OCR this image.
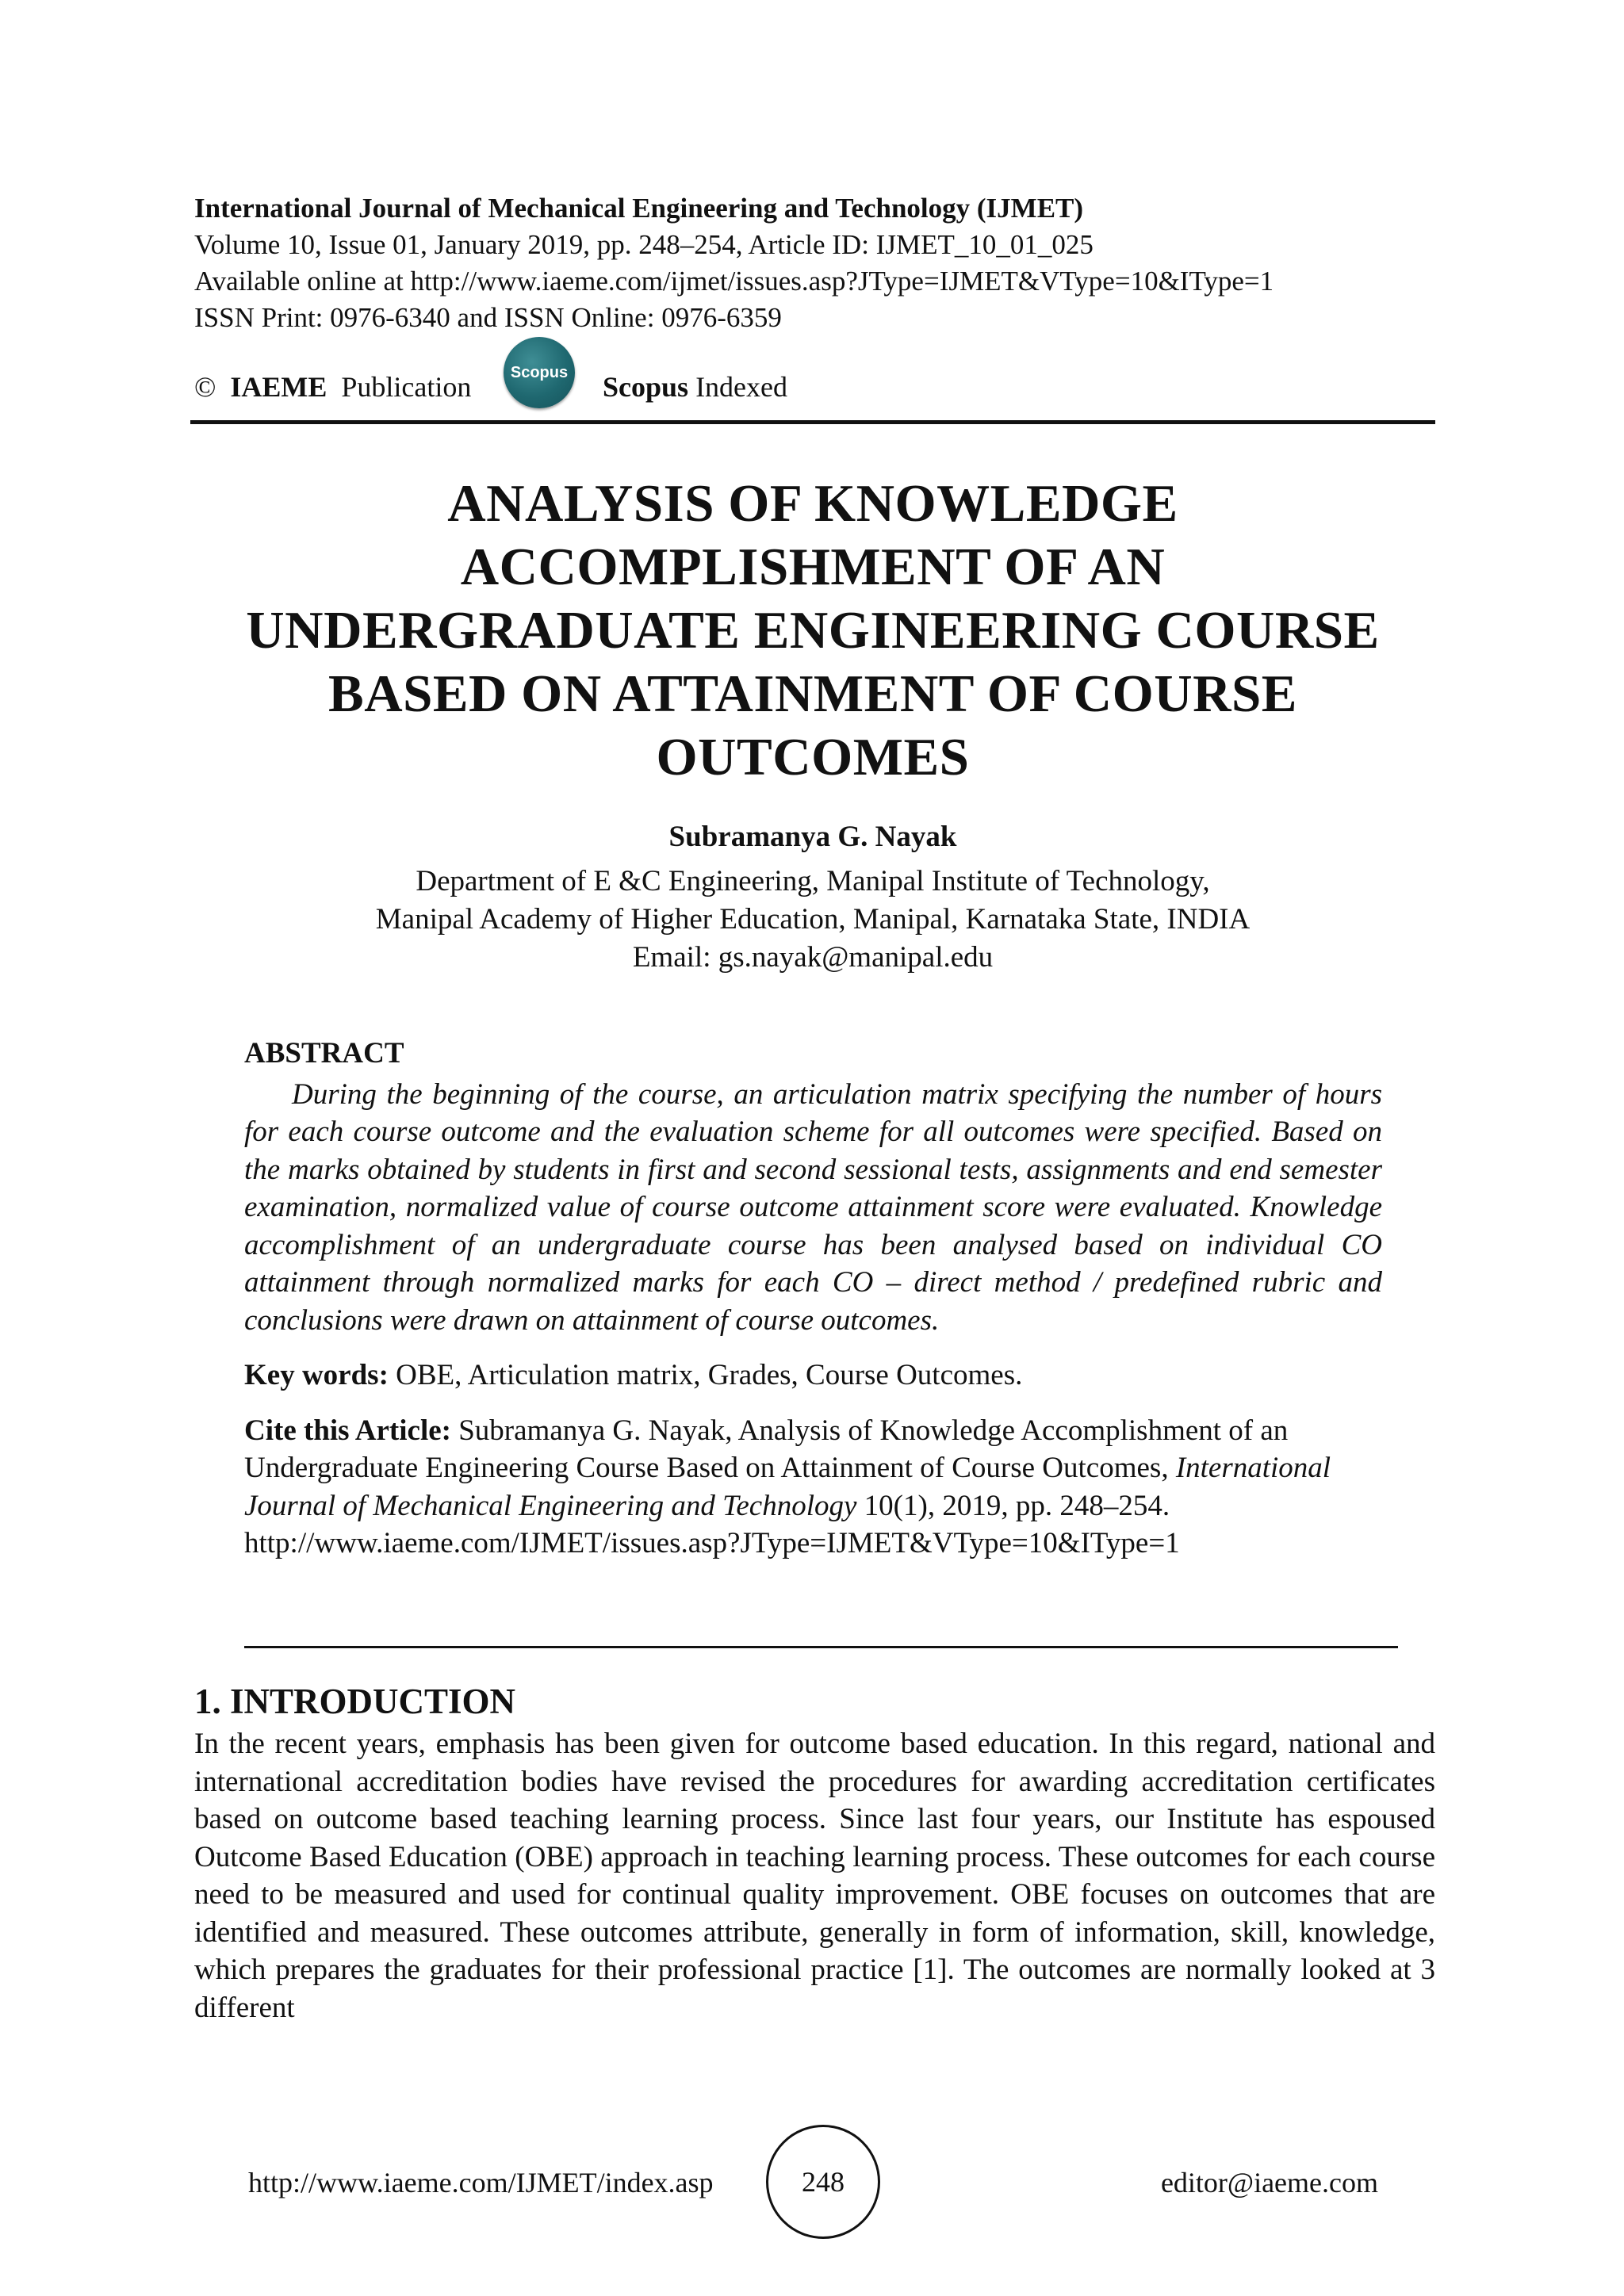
International Journal of Mechanical Engineering and Technology (IJMET)
Volume 10, Issue 01, January 2019, pp. 248–254, Article ID: IJMET_10_01_025
Available online at http://www.iaeme.com/ijmet/issues.asp?JType=IJMET&VType=10&IType=1
ISSN Print: 0976-6340 and ISSN Online: 0976-6359
© IAEME Publication Scopus Scopus Indexed
ANALYSIS OF KNOWLEDGE
ACCOMPLISHMENT OF AN
UNDERGRADUATE ENGINEERING COURSE
BASED ON ATTAINMENT OF COURSE
OUTCOMES
Subramanya G. Nayak
Department of E &C Engineering, Manipal Institute of Technology,
Manipal Academy of Higher Education, Manipal, Karnataka State, INDIA
Email: gs.nayak@manipal.edu
ABSTRACT

During the beginning of the course, an articulation matrix specifying the number of hours for each course outcome and the evaluation scheme for all outcomes were specified. Based on the marks obtained by students in first and second sessional tests, assignments and end semester examination, normalized value of course outcome attainment score were evaluated. Knowledge accomplishment of an undergraduate course has been analysed based on individual CO attainment through normalized marks for each CO – direct method / predefined rubric and conclusions were drawn on attainment of course outcomes.

Key words: OBE, Articulation matrix, Grades, Course Outcomes.
Cite this Article: Subramanya G. Nayak, Analysis of Knowledge Accomplishment of an Undergraduate Engineering Course Based on Attainment of Course Outcomes, International Journal of Mechanical Engineering and Technology 10(1), 2019, pp. 248–254.
http://www.iaeme.com/IJMET/issues.asp?JType=IJMET&VType=10&IType=1
1. INTRODUCTION

In the recent years, emphasis has been given for outcome based education. In this regard, national and international accreditation bodies have revised the procedures for awarding accreditation certificates based on outcome based teaching learning process. Since last four years, our Institute has espoused Outcome Based Education (OBE) approach in teaching learning process. These outcomes for each course need to be measured and used for continual quality improvement. OBE focuses on outcomes that are identified and measured. These outcomes attribute, generally in form of information, skill, knowledge, which prepares the graduates for their professional practice [1]. The outcomes are normally looked at 3 different

http://www.iaeme.com/IJMET/index.asp	248	editor@iaeme.com
